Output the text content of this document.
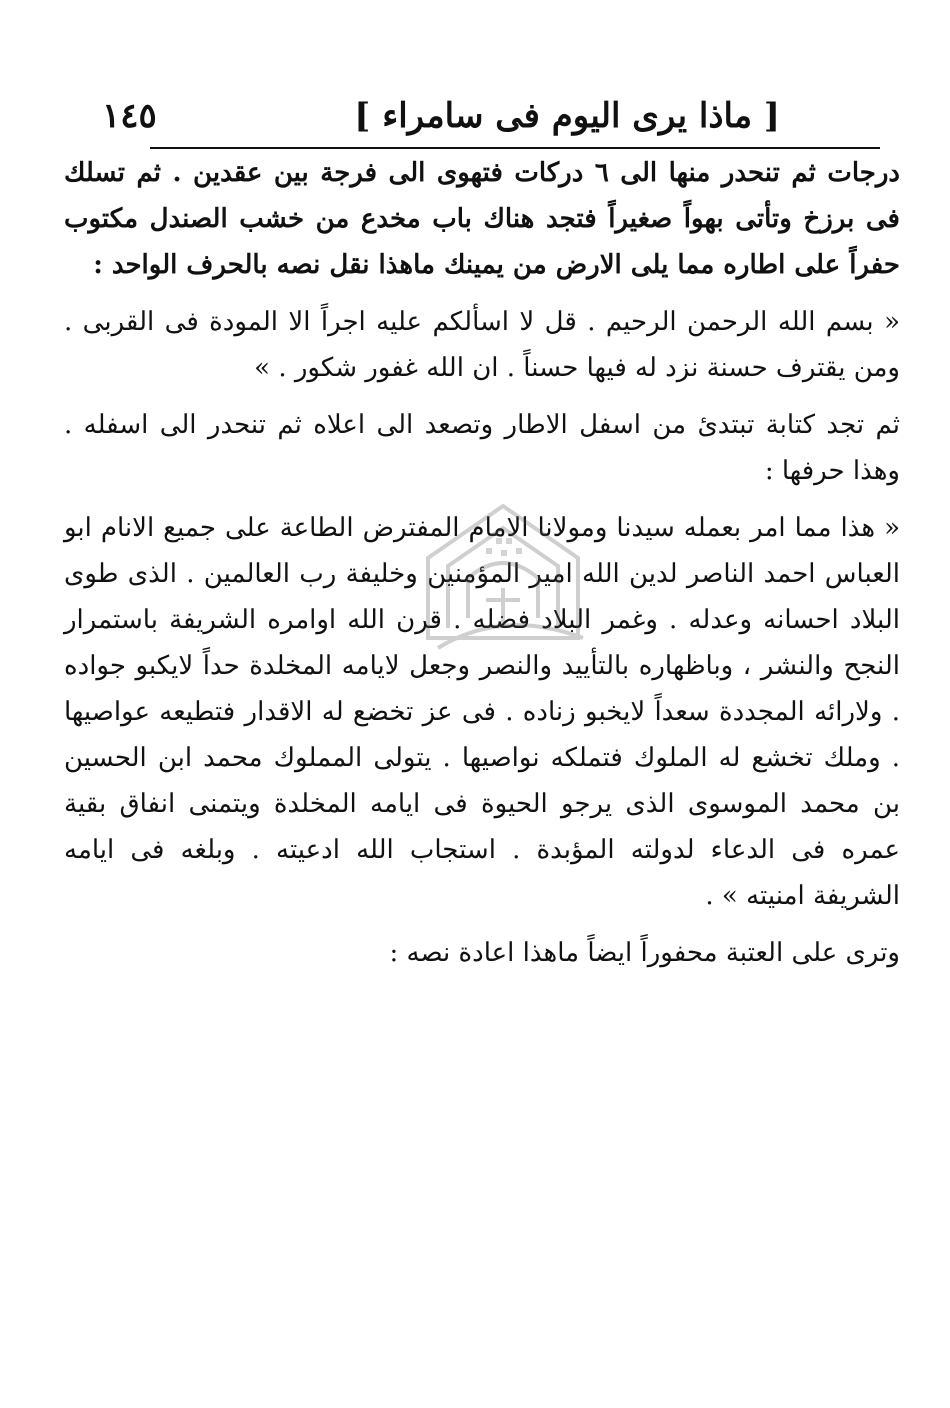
[ ماذا يرى اليوم فى سامراء ]
١٤٥

درجات ثم تنحدر منها الى ٦ دركات فتهوى الى فرجة بين عقدين . ثم تسلك فى برزخ وتأتى بهواً صغيراً فتجد هناك باب مخدع من خشب الصندل مكتوب حفراً على اطاره مما يلى الارض من يمينك ماهذا نقل نصه بالحرف الواحد :

« بسم الله الرحمن الرحيم . قل لا اسألكم عليه اجراً الا المودة فى القربى . ومن يقترف حسنة نزد له فيها حسناً . ان الله غفور شكور . »

ثم تجد كتابة تبتدئ من اسفل الاطار وتصعد الى اعلاه ثم تنحدر الى اسفله . وهذا حرفها :

« هذا مما امر بعمله سيدنا ومولانا الامام المفترض الطاعة على جميع الانام ابو العباس احمد الناصر لدين الله امير المؤمنين وخليفة رب العالمين . الذى طوى البلاد احسانه وعدله . وغمر البلاد فضله . قرن الله اوامره الشريفة باستمرار النجح والنشر ، وباظهاره بالتأييد والنصر وجعل لايامه المخلدة حداً لايكبو جواده . ولارائه المجددة سعداً لايخبو زناده . فى عز تخضع له الاقدار فتطيعه عواصيها . وملك تخشع له الملوك فتملكه نواصيها . يتولى المملوك محمد ابن الحسين بن محمد الموسوى الذى يرجو الحيوة فى ايامه المخلدة ويتمنى انفاق بقية عمره فى الدعاء لدولته المؤبدة . استجاب الله ادعيته . وبلغه فى ايامه الشريفة امنيته » .

وترى على العتبة محفوراً ايضاً ماهذا اعادة نصه :
